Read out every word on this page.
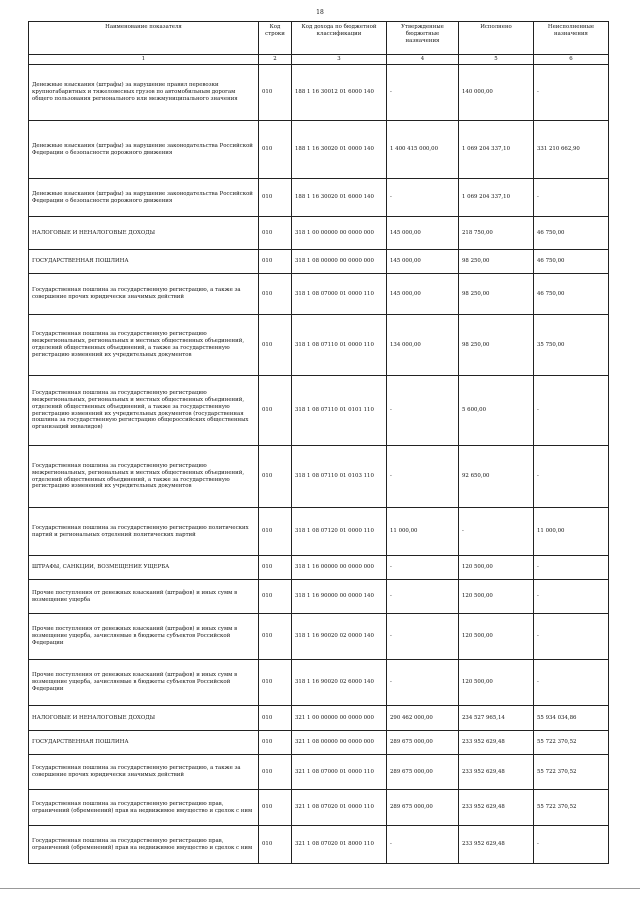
18
Наименование показателя	Код строки	Код дохода по бюджетной классификации	Утвержденные бюджетные назначения	Исполнено	Неисполненные назначения
1	2	3	4	5	6
Денежные взыскания (штрафы) за нарушение правил перевозки крупногабаритных и тяжеловесных грузов по автомобильным дорогам общего пользования регионального или межмуниципального значения	010	188 1 16 30012 01 6000 140	-	140 000,00	-
Денежные взыскания (штрафы) за нарушение законодательства Российской Федерации о безопасности дорожного движения	010	188 1 16 30020 01 0000 140	1 400 415 000,00	1 069 204 337,10	331 210 662,90
Денежные взыскания (штрафы) за нарушение законодательства Российской Федерации о безопасности дорожного движения	010	188 1 16 30020 01 6000 140	-	1 069 204 337,10	-
НАЛОГОВЫЕ И НЕНАЛОГОВЫЕ ДОХОДЫ	010	318 1 00 00000 00 0000 000	145 000,00	218 750,00	46 750,00
ГОСУДАРСТВЕННАЯ ПОШЛИНА	010	318 1 08 00000 00 0000 000	145 000,00	98 250,00	46 750,00
Государственная пошлина за государственную регистрацию, а также за совершение прочих юридически значимых действий	010	318 1 08 07000 01 0000 110	145 000,00	98 250,00	46 750,00
Государственная пошлина за государственную регистрацию межрегиональных, региональных и местных общественных объединений, отделений общественных объединений, а также за государственную регистрацию изменений их учредительных документов	010	318 1 08 07110 01 0000 110	134 000,00	98 250,00	35 750,00
Государственная пошлина за государственную регистрацию межрегиональных, региональных и местных общественных объединений, отделений общественных объединений, а также за государственную регистрацию изменений их учредительных документов (государственная пошлина за государственную регистрацию общероссийских общественных организаций инвалидов)	010	318 1 08 07110 01 0101 110	-	5 600,00	-
Государственная пошлина за государственную регистрацию межрегиональных, региональных и местных общественных объединений, отделений общественных объединений, а также за государственную регистрацию изменений их учредительных документов	010	318 1 08 07110 01 0103 110	-	92 650,00	-
Государственная пошлина за государственную регистрацию политических партий и региональных отделений политических партий	010	318 1 08 07120 01 0000 110	11 000,00	-	11 000,00
ШТРАФЫ, САНКЦИИ, ВОЗМЕЩЕНИЕ УЩЕРБА	010	318 1 16 00000 00 0000 000	-	120 500,00	-
Прочие поступления от денежных взысканий (штрафов) и иных сумм в возмещение ущерба	010	318 1 16 90000 00 0000 140	-	120 500,00	-
Прочие поступления от денежных взысканий (штрафов) и иных сумм в возмещение ущерба, зачисляемые в бюджеты субъектов Российской Федерации	010	318 1 16 90020 02 0000 140	-	120 500,00	-
Прочие поступления от денежных взысканий (штрафов) и иных сумм в возмещение ущерба, зачисляемые в бюджеты субъектов Российской Федерации	010	318 1 16 90020 02 6000 140	-	120 500,00	-
НАЛОГОВЫЕ И НЕНАЛОГОВЫЕ ДОХОДЫ	010	321 1 00 00000 00 0000 000	290 462 000,00	234 527 965,14	55 934 034,86
ГОСУДАРСТВЕННАЯ ПОШЛИНА	010	321 1 08 00000 00 0000 000	289 675 000,00	233 952 629,48	55 722 370,52
Государственная пошлина за государственную регистрацию, а также за совершение прочих юридически значимых действий	010	321 1 08 07000 01 0000 110	289 675 000,00	233 952 629,48	55 722 370,52
Государственная пошлина за государственную регистрацию прав, ограничений (обременений) прав на недвижимое имущество и сделок с ним	010	321 1 08 07020 01 0000 110	289 675 000,00	233 952 629,48	55 722 370,52
Государственная пошлина за государственную регистрацию прав, ограничений (обременений) прав на недвижимое имущество и сделок с ним	010	321 1 08 07020 01 8000 110	-	233 952 629,48	-
